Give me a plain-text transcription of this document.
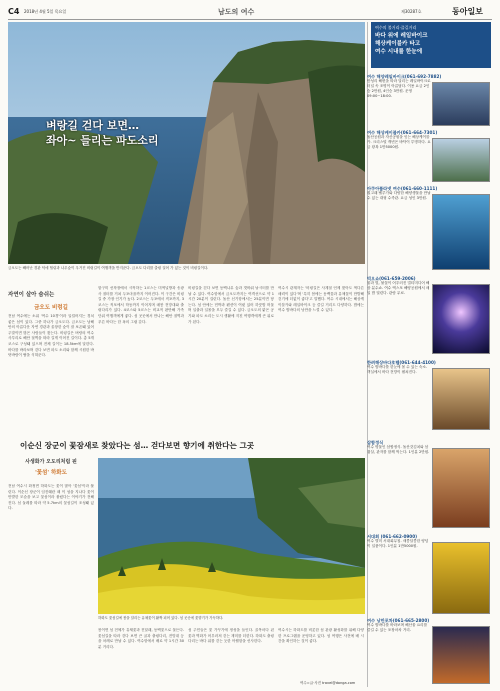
C4 2018년 4월 5일 목요일	남도의 여수	제30287호	동아일보
벼랑길 걷다 보면…
좌아~ 들리는 파도소리
금오도는 빼어난 경관 덕에 힐링과 나무숲이 우거진 비렁길이 여행객을 반겨준다. 금오도 다리를 출렁 걸어 가 있는 것이 비렁길이다.
자연이 살아 숨쉬는
금오도 비렁길
전남 여수에는 소위 '여수 10경'이라 일컬어지는 경치 좋은 섬이 있다. 그중 하나가 금오도다. 금오도는 남해안의 아름다운 자연 경관과 울창한 숲이 잘 보존돼 있어 주말이면 많은 사람들이 찾는다. 비렁길은 벼랑의 여수 사투리로 해안 절벽을 따라 길게 이어진 길이다. 총 5개 코스로 구성돼 있으며 전체 길이는 18.5km에 달한다. 바다를 바라보며 걷다 보면 파도 소리와 함께 시원한 바닷바람이 땀을 식혀준다.
함구미 선착장에서 시작하는 1코스는 미역널방과 송광사 절터를 거쳐 두포마을까지 이어진다. 이 구간은 비렁길 중 가장 인기가 높다. 2코스는 두포에서 직포까지, 3코스는 직포에서 학동까지 이어지며 매봉 전망대와 출렁다리가 있다. 4코스와 5코스는 비교적 완만해 가족 단위 여행객에게 좋다. 섬 곳곳에서 만나는 해안 절벽과 푸른 바다는 한 폭의 그림 같다.
비렁길을 걷다 보면 동백나무 숲과 갯바위 낚시터를 만날 수 있다. 여수항에서 금오도까지는 여객선으로 약 1시간 20분이 걸린다. 돌산 신기항에서는 25분이면 닿는다. 섬 안에는 민박과 펜션이 여럿 있어 하룻밤 머물며 일출과 일몰을 모두 즐길 수 있다. 금오도의 맑은 공기와 파도 소리는 도시 생활에 지친 여행객에게 큰 위로가 된다.
여수시 관계자는 '비렁길은 사계절 언제 찾아도 색다른 매력이 있다'며 '특히 봄에는 동백꽃과 유채꽃이 만발해 걷기에 더없이 좋다'고 말했다. 여수 시내에서는 해상케이블카와 레일바이크 등 즐길 거리도 다양하다. 밤에는 여수 밤바다의 낭만을 느낄 수 있다.
이순신 장군이 꽃잠새로 찾았다는 섬… 걷다보면 향기에 취한다는 그곳
사생화가 오도리처럼 핀
'꽃섬' 하화도
전남 여수시 화정면 하화도는 꽃이 많아 '꽃섬'이라 불린다. 이순신 장군이 임진왜란 때 이 섬을 지나다 꽃이 만발한 모습을 보고 꽃섬이라 불렀다는 이야기가 전해진다. 섬 둘레를 따라 약 5.7km의 꽃섬길이 조성돼 있다.
하화도 꽃섬길에 봄을 알리는 유채꽃이 활짝 피어 있다. 섬 곳곳에 꽃향기가 가득하다.
봄이면 섬 전체가 유채꽃과 진달래, 동백꽃으로 물든다. 꽃섬길을 따라 걷다 보면 큰 굴과 출렁다리, 전망대 등을 차례로 만날 수 있다. 여수항에서 배로 약 1시간 30분 거리다.
섬 주민들은 꽃 가꾸기에 정성을 들인다. 골목마다 핀 꽃과 벽화가 어우러져 걷는 재미를 더한다. 하화도 출렁다리는 바다 위를 걷는 듯한 아찔함을 선사한다.
여수시는 하화도를 비롯한 섬 관광 활성화를 위해 다양한 프로그램을 운영하고 있다. 섬 여행은 사전에 배 시간을 확인하는 것이 좋다.
여수=글·사진 travel@donga.com
여수의 볼거리·즐길거리
바다 위에 레일바이크
해상케이블카 타고
여수 시내를 한눈에
여수 해양레일바이크(061-692-7882)
만성리 해변을 따라 달리는 레일바이크로 터널 속 조명이 아름답다. 이용 요금 2인승 2만원, 4인승 3만원. 운영 09:00~18:00.
여수 해상케이블카(061-664-7301)
돌산공원과 자산공원을 잇는 해상케이블카. 크리스털 캐빈은 바닥이 투명하다. 요금 왕복 1만5000원.
아쿠아플라넷 여수(061-660-1111)
흰고래 벨루가와 다양한 해양생물을 만날 수 있는 대형 수족관. 요금 성인 3만원.
빅오쇼(061-659-2006)
물과 빛, 불꽃이 어우러진 멀티미디어 해상 분수쇼. 여수 엑스포 해양공원에서 매일 밤 열린다. 관람 무료.
한려해상바다호텔(061-644-4100)
여수 밤바다를 한눈에 볼 수 있는 숙소. 객실에서 바다 전망이 펼쳐진다.
삼합정식
여수 명물인 삼합정식. 돌산갓김치와 삼겹살, 관자를 함께 먹는다. 1인분 2만원.
서대회 (061-662-0900)
여수 별미 서대회무침. 새콤달콤한 양념이 일품이다. 1인분 1만5000원.
여수 낭만포차(061-665-2800)
여수 밤바다를 바라보며 해산물 요리를 즐길 수 있는 포장마차 거리.
